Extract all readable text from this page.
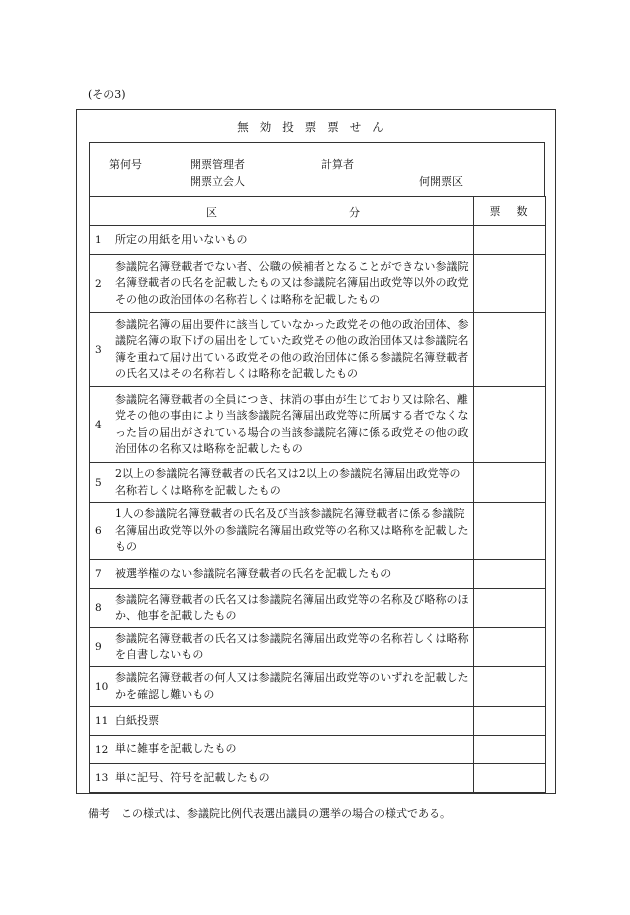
(その3)
無効投票票せん
第何号	開票管理者	計算者
開票立会人	何開票区
区 分	票数

1 所定の用紙を用いないもの	

2
参議院名簿登載者でない者、公職の候補者となることができない参議院名簿登載者の氏名を記載したもの又は参議院名簿届出政党等以外の政党その他の政治団体の名称若しくは略称を記載したもの	

3
参議院名簿の届出要件に該当していなかった政党その他の政治団体、参議院名簿の取下げの届出をしていた政党その他の政治団体又は参議院名簿を重ねて届け出ている政党その他の政治団体に係る参議院名簿登載者の氏名又はその名称若しくは略称を記載したもの	

4
参議院名簿登載者の全員につき、抹消の事由が生じており又は除名、離党その他の事由により当該参議院名簿届出政党等に所属する者でなくなった旨の届出がされている場合の当該参議院名簿に係る政党その他の政治団体の名称又は略称を記載したもの	

5
2以上の参議院名簿登載者の氏名又は2以上の参議院名簿届出政党等の名称若しくは略称を記載したもの	

6
1人の参議院名簿登載者の氏名及び当該参議院名簿登載者に係る参議院名簿届出政党等以外の参議院名簿届出政党等の名称又は略称を記載したもの	

7 被選挙権のない参議院名簿登載者の氏名を記載したもの	

8
参議院名簿登載者の氏名又は参議院名簿届出政党等の名称及び略称のほか、他事を記載したもの	

9
参議院名簿登載者の氏名又は参議院名簿届出政党等の名称若しくは略称を自書しないもの	

10
参議院名簿登載者の何人又は参議院名簿届出政党等のいずれを記載したかを確認し難いもの	

11 白紙投票	

12 単に雑事を記載したもの	

13 単に記号、符号を記載したもの	

備考　この様式は、参議院比例代表選出議員の選挙の場合の様式である。
